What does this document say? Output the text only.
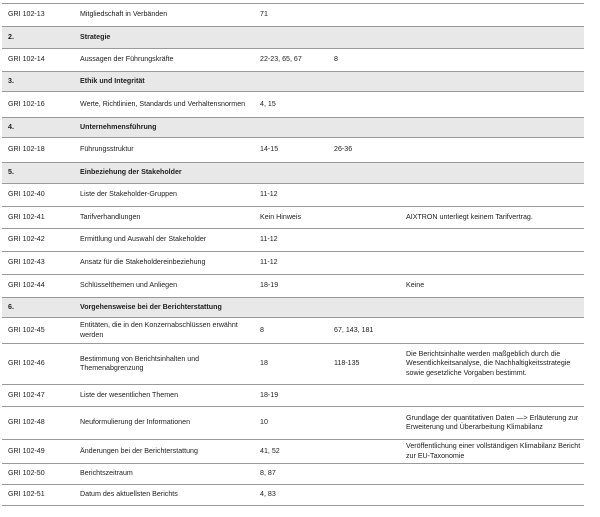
GRI 102-13	Mitgliedschaft in Verbänden	71		
2.	Strategie			
GRI 102-14	Aussagen der Führungskräfte	22-23, 65, 67	8	
3.	Ethik und Integrität			
GRI 102-16	Werte, Richtlinien, Standards und Verhaltensnormen	4, 15		
4.	Unternehmensführung			
GRI 102-18	Führungsstruktur	14-15	26-36	
5.	Einbeziehung der Stakeholder			
GRI 102-40	Liste der Stakeholder-Gruppen	11-12		
GRI 102-41	Tarifverhandlungen	Kein Hinweis		AIXTRON unterliegt keinem Tarifvertrag.
GRI 102-42	Ermittlung und Auswahl der Stakeholder	11-12		
GRI 102-43	Ansatz für die Stakeholdereinbeziehung	11-12		
GRI 102-44	Schlüsselthemen und Anliegen	18-19		Keine
6.	Vorgehensweise bei der Berichterstattung			
GRI 102-45	Entitäten, die in den Konzernabschlüssen erwähnt werden	8	67, 143, 181	
GRI 102-46	Bestimmung von Berichtsinhalten und Themenabgrenzung	18	118-135	Die Berichtsinhalte werden maßgeblich durch die Wesentlichkeitsanalyse, die Nachhaltigkeitsstrategie sowie gesetzliche Vorgaben bestimmt.
GRI 102-47	Liste der wesentlichen Themen	18-19		
GRI 102-48	Neuformulierung der Informationen	10		Grundlage der quantitativen Daten —> Erläuterung zur Erweiterung und Überarbeitung Klimabilanz
GRI 102-49	Änderungen bei der Berichterstattung	41, 52		Veröffentlichung einer vollständigen Klimabilanz Bericht zur EU-Taxonomie
GRI 102-50	Berichtszeitraum	8, 87		
GRI 102-51	Datum des aktuellsten Berichts	4, 83		
